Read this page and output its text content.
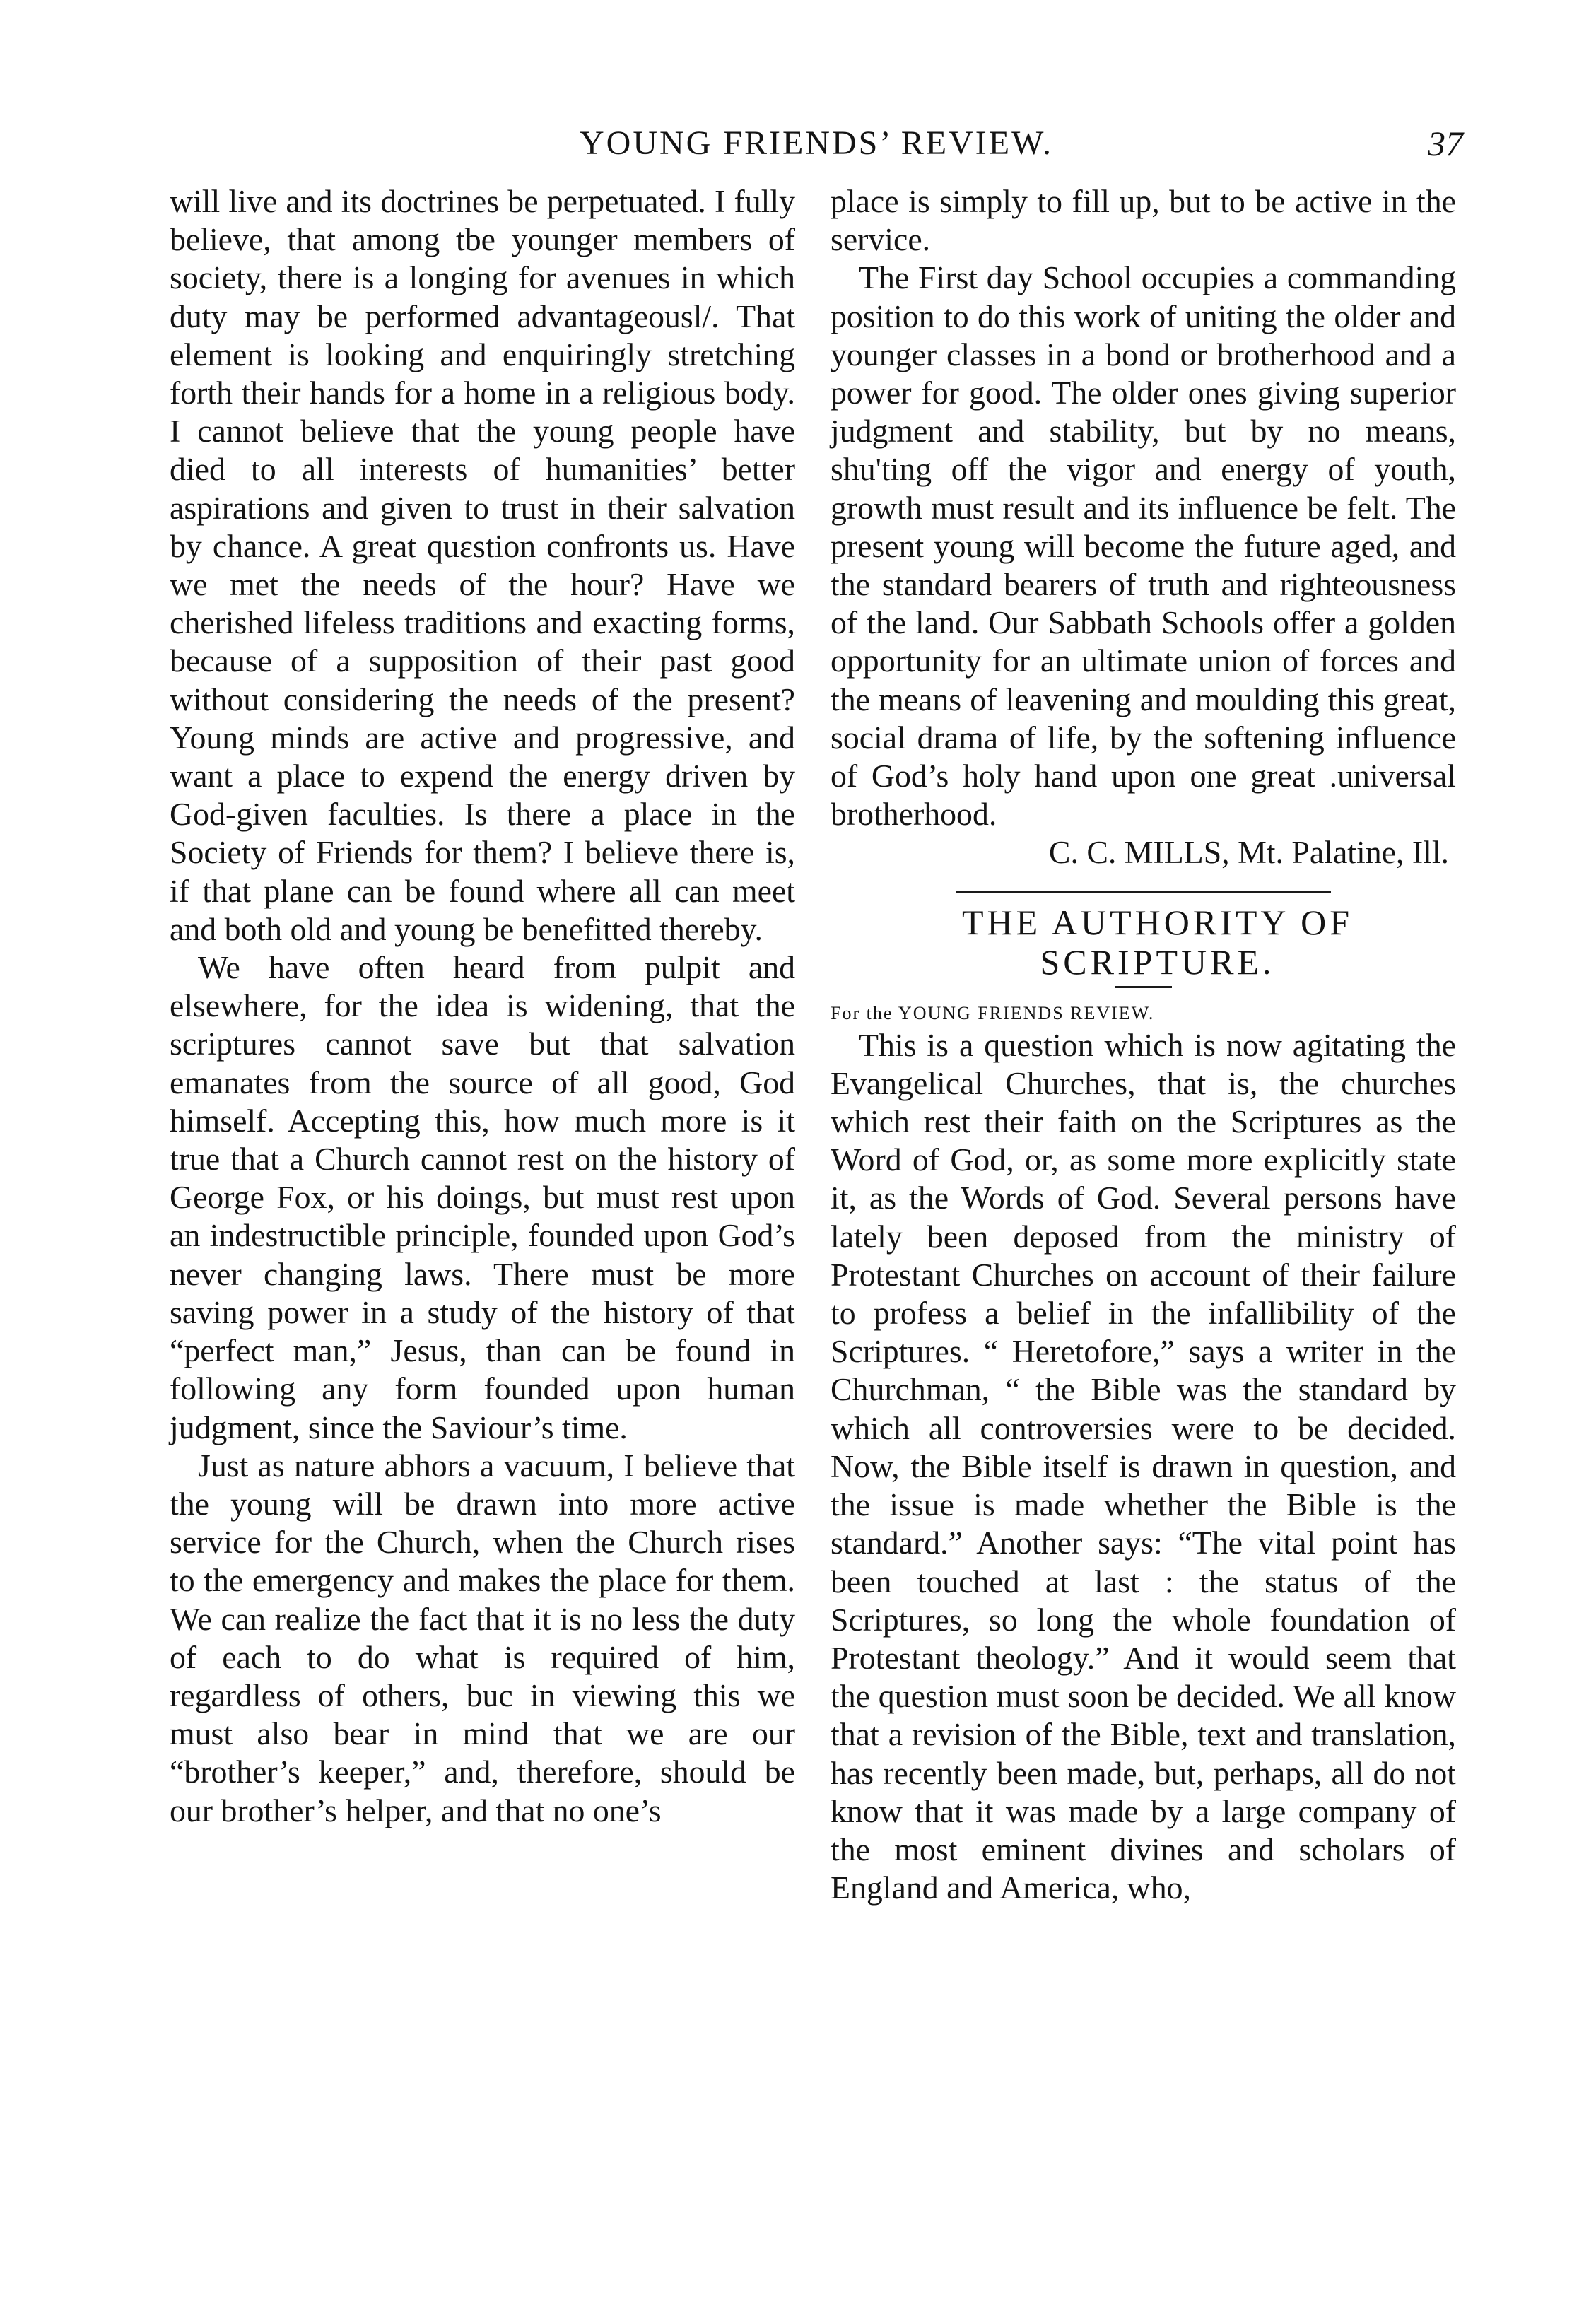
YOUNG FRIENDS’ REVIEW.	37

will live and its doctrines be perpetuated. I fully believe, that among tbe younger members of society, there is a longing for avenues in which duty may be performed advantageousl/. That element is looking and enquiringly stretching forth their hands for a home in a religious body. I cannot believe that the young people have died to all interests of humanities’ better aspirations and given to trust in their salvation by chance. A great quɛstion confronts us. Have we met the needs of the hour? Have we cherished lifeless traditions and exacting forms, because of a supposition of their past good without considering the needs of the present? Young minds are active and progressive, and want a place to expend the energy driven by God-given faculties. Is there a place in the Society of Friends for them? I believe there is, if that plane can be found where all can meet and both old and young be benefitted thereby.

We have often heard from pulpit and elsewhere, for the idea is widening, that the scriptures cannot save but that salvation emanates from the source of all good, God himself. Accepting this, how much more is it true that a Church cannot rest on the history of George Fox, or his doings, but must rest upon an indestructible principle, founded upon God’s never changing laws. There must be more saving power in a study of the history of that “perfect man,” Jesus, than can be found in following any form founded upon human judgment, since the Saviour’s time.

Just as nature abhors a vacuum, I believe that the young will be drawn into more active service for the Church, when the Church rises to the emergency and makes the place for them. We can realize the fact that it is no less the duty of each to do what is required of him, regardless of others, buc in viewing this we must also bear in mind that we are our “brother’s keeper,” and, therefore, should be our brother’s helper, and that no one’s

place is simply to fill up, but to be active in the service.

The First day School occupies a commanding position to do this work of uniting the older and younger classes in a bond or brotherhood and a power for good. The older ones giving superior judgment and stability, but by no means, shu'ting off the vigor and energy of youth, growth must result and its influence be felt. The present young will become the future aged, and the standard bearers of truth and righteousness of the land. Our Sabbath Schools offer a golden opportunity for an ultimate union of forces and the means of leavening and moulding this great, social drama of life, by the softening influence of God’s holy hand upon one great .universal brotherhood.

C. C. MILLS, Mt. Palatine, Ill.

THE AUTHORITY OF

SCRIPTURE.

For the YOUNG FRIENDS REVIEW.

This is a question which is now agitating the Evangelical Churches, that is, the churches which rest their faith on the Scriptures as the Word of God, or, as some more explicitly state it, as the Words of God. Several persons have lately been deposed from the ministry of Protestant Churches on account of their failure to profess a belief in the infallibility of the Scriptures. “ Heretofore,” says a writer in the Churchman, “ the Bible was the standard by which all controversies were to be decided. Now, the Bible itself is drawn in question, and the issue is made whether the Bible is the standard.” Another says: “The vital point has been touched at last : the status of the Scriptures, so long the whole foundation of Protestant theology.” And it would seem that the question must soon be decided. We all know that a revision of the Bible, text and translation, has recently been made, but, perhaps, all do not know that it was made by a large company of the most eminent divines and scholars of England and America, who,
